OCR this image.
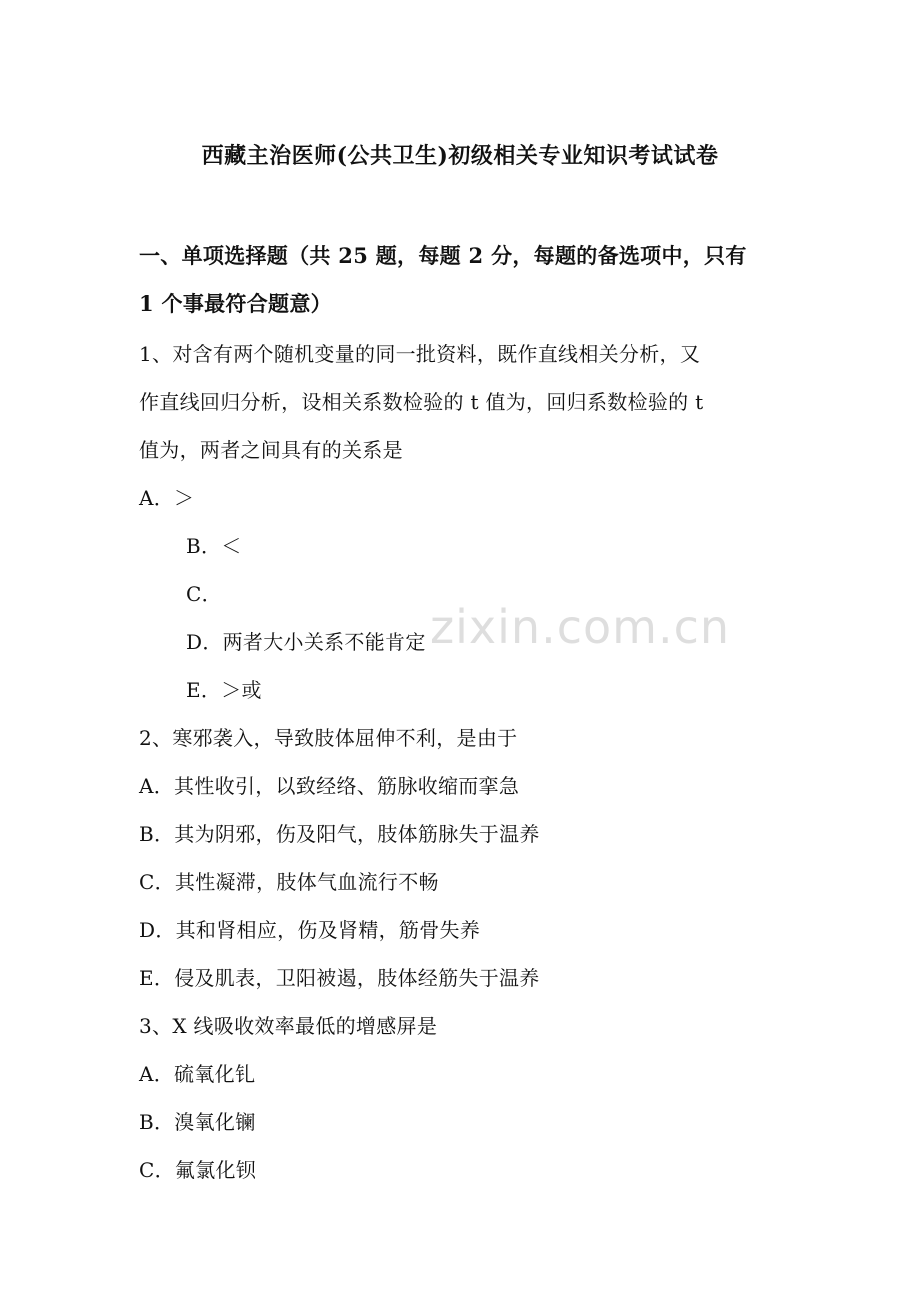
西藏主治医师(公共卫生)初级相关专业知识考试试卷
一、单项选择题（共 25 题，每题 2 分，每题的备选项中，只有
1 个事最符合题意）
1、对含有两个随机变量的同一批资料，既作直线相关分析，又
作直线回归分析，设相关系数检验的 t 值为，回归系数检验的 t
值为，两者之间具有的关系是
A．＞
B．＜
C．
D．两者大小关系不能肯定
E．＞或
2、寒邪袭入，导致肢体屈伸不利，是由于
A．其性收引，以致经络、筋脉收缩而挛急
B．其为阴邪，伤及阳气，肢体筋脉失于温养
C．其性凝滞，肢体气血流行不畅
D．其和肾相应，伤及肾精，筋骨失养
E．侵及肌表，卫阳被遏，肢体经筋失于温养
3、X 线吸收效率最低的增感屏是
A．硫氧化钆
B．溴氧化镧
C．氟氯化钡
zixin.com.cn
